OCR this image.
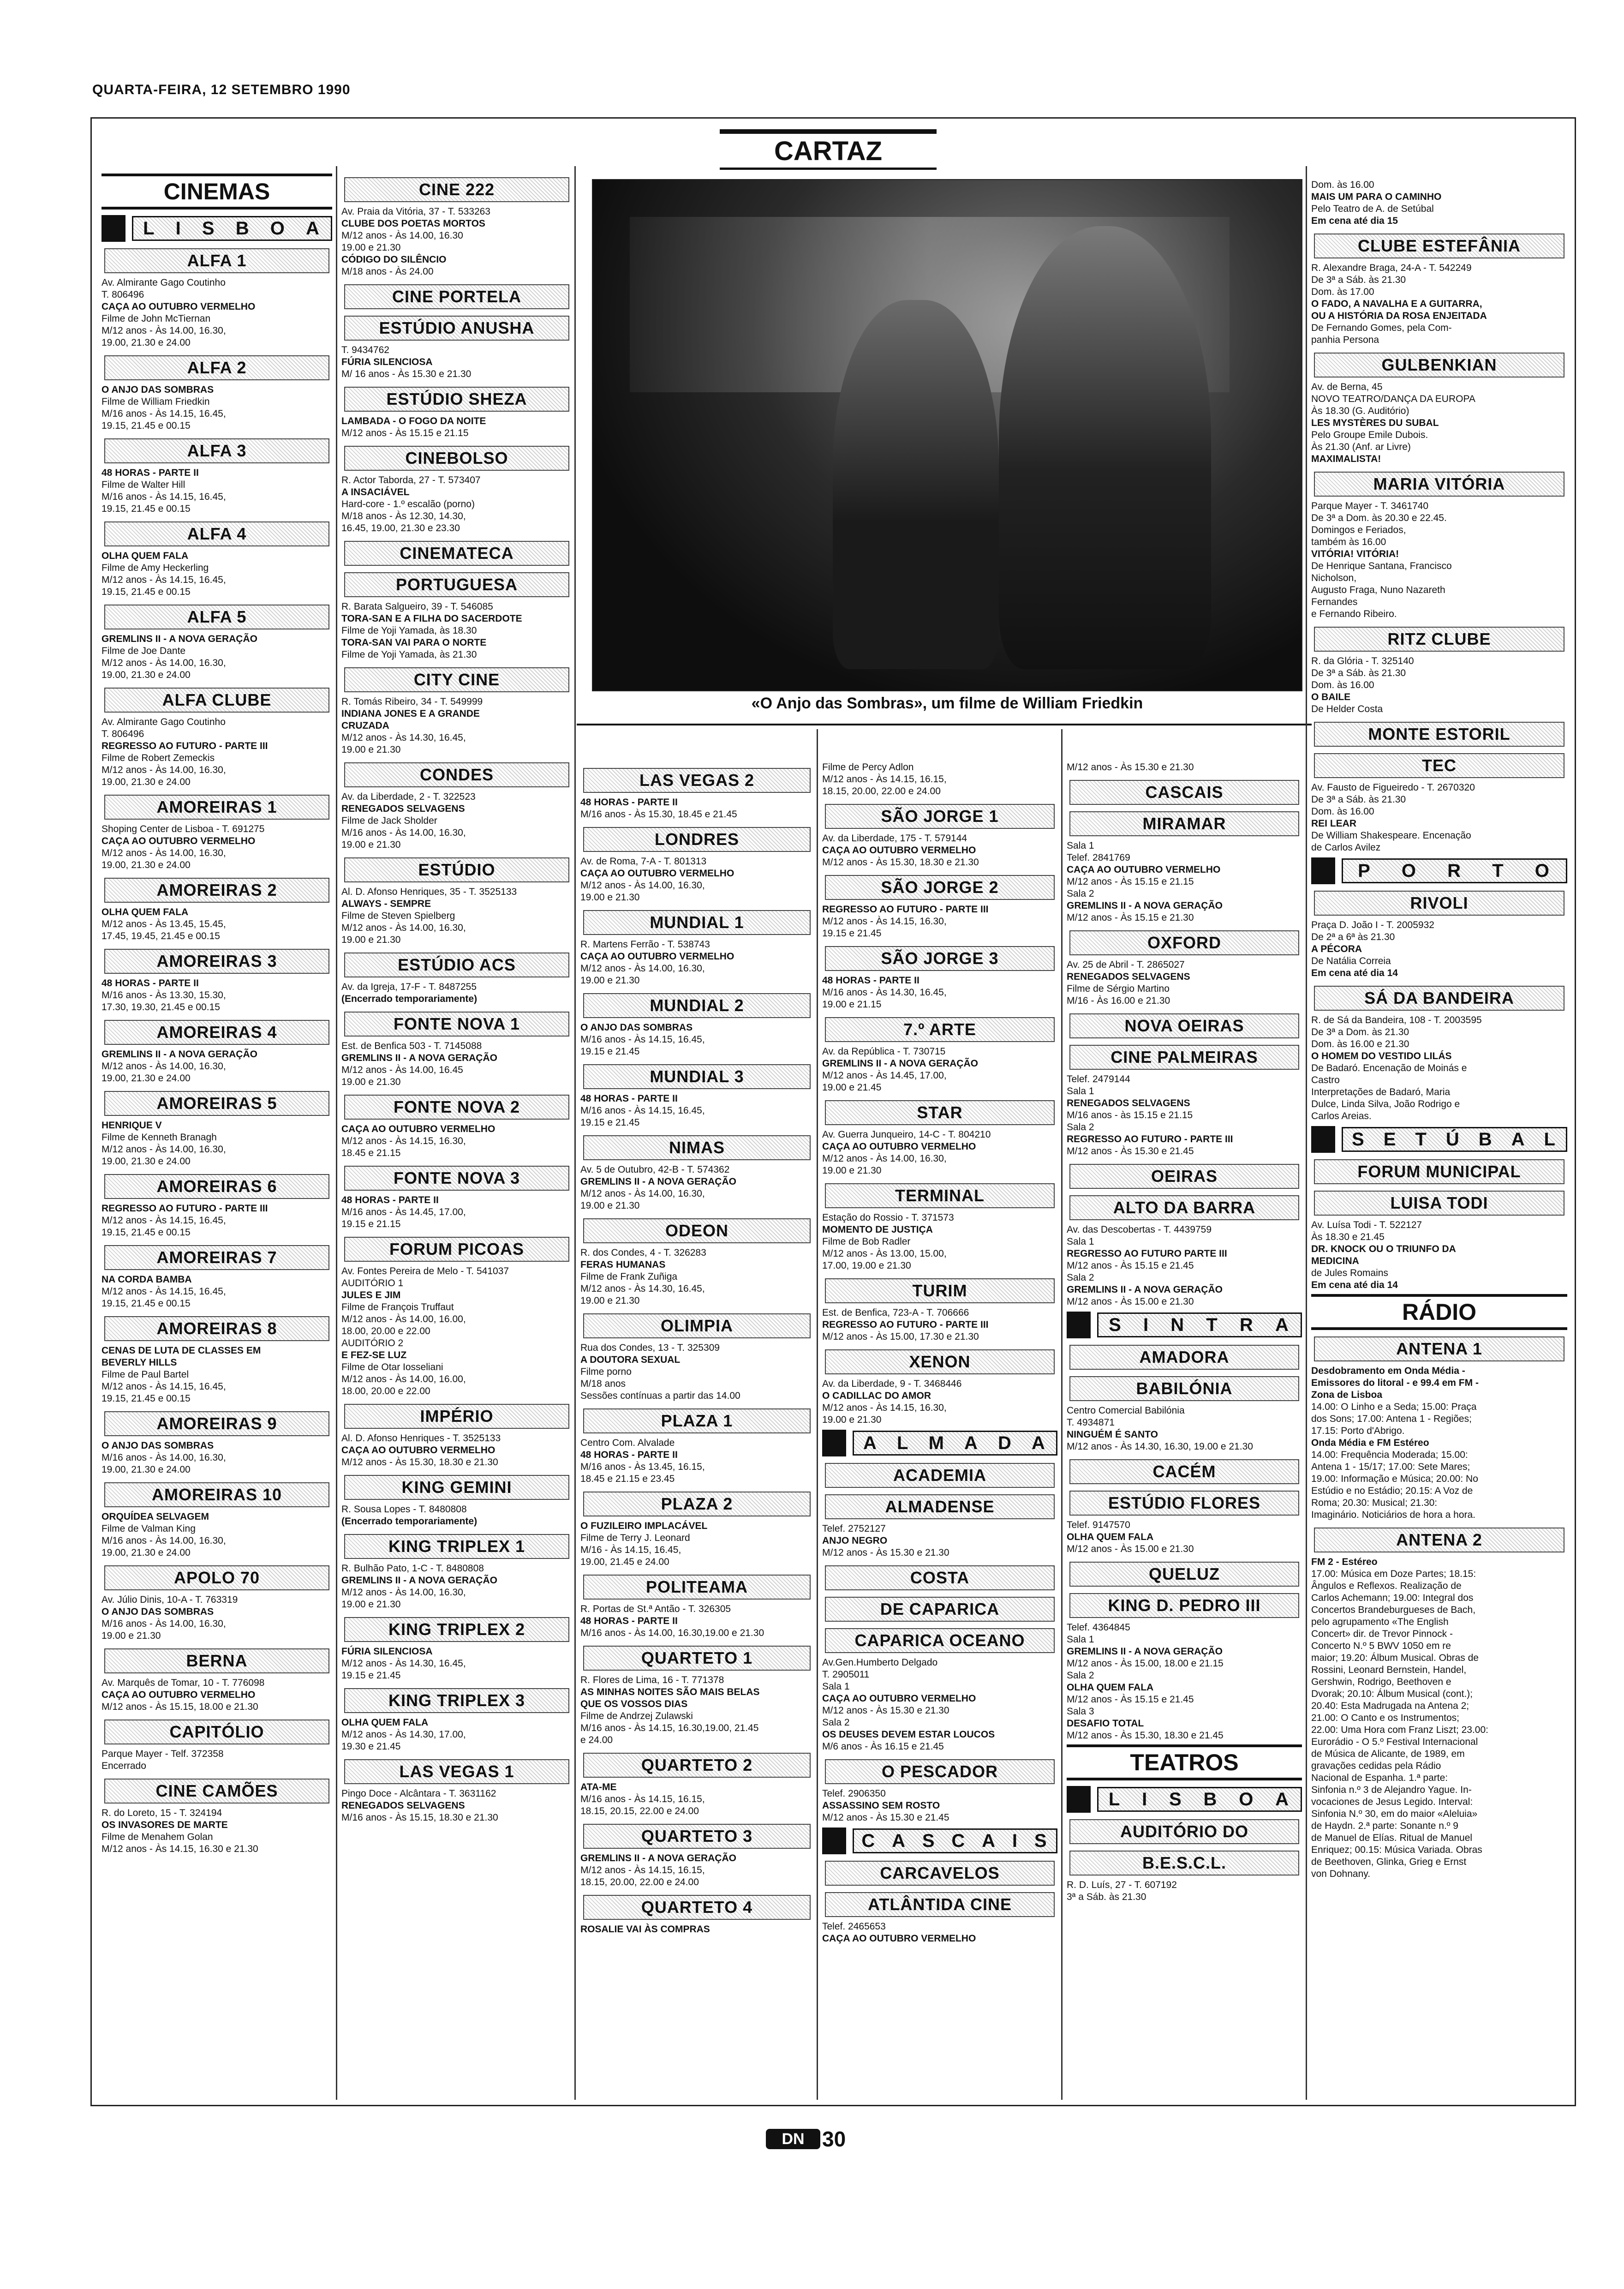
QUARTA-FEIRA, 12 SETEMBRO 1990
CARTAZ
«O Anjo das Sombras», um filme de William Friedkin
CINEMAS
L I S B O A
ALFA 1
Av. Almirante Gago Coutinho
T. 806496
CAÇA AO OUTUBRO VERMELHO
Filme de John McTiernan
M/12 anos - Às 14.00, 16.30,
19.00, 21.30 e 24.00
ALFA 2
O ANJO DAS SOMBRAS
Filme de William Friedkin
M/16 anos - Às 14.15, 16.45,
19.15, 21.45 e 00.15
ALFA 3
48 HORAS - PARTE II
Filme de Walter Hill
M/16 anos - Às 14.15, 16.45,
19.15, 21.45 e 00.15
ALFA 4
OLHA QUEM FALA
Filme de Amy Heckerling
M/12 anos - Às 14.15, 16.45,
19.15, 21.45 e 00.15
ALFA 5
GREMLINS II - A NOVA GERAÇÃO
Filme de Joe Dante
M/12 anos - Às 14.00, 16.30,
19.00, 21.30 e 24.00
ALFA CLUBE
Av. Almirante Gago Coutinho
T. 806496
REGRESSO AO FUTURO - PARTE III
Filme de Robert Zemeckis
M/12 anos - Às 14.00, 16.30,
19.00, 21.30 e 24.00
AMOREIRAS 1
Shoping Center de Lisboa - T. 691275
CAÇA AO OUTUBRO VERMELHO
M/12 anos - Às 14.00, 16.30,
19.00, 21.30 e 24.00
AMOREIRAS 2
OLHA QUEM FALA
M/12 anos - Às 13.45, 15.45,
17.45, 19.45, 21.45 e 00.15
AMOREIRAS 3
48 HORAS - PARTE II
M/16 anos - Às 13.30, 15.30,
17.30, 19.30, 21.45 e 00.15
AMOREIRAS 4
GREMLINS II - A NOVA GERAÇÃO
M/12 anos - Às 14.00, 16.30,
19.00, 21.30 e 24.00
AMOREIRAS 5
HENRIQUE V
Filme de Kenneth Branagh
M/12 anos - Às 14.00, 16.30,
19.00, 21.30 e 24.00
AMOREIRAS 6
REGRESSO AO FUTURO - PARTE III
M/12 anos - Às 14.15, 16.45,
19.15, 21.45 e 00.15
AMOREIRAS 7
NA CORDA BAMBA
M/12 anos - Às 14.15, 16.45,
19.15, 21.45 e 00.15
AMOREIRAS 8
CENAS DE LUTA DE CLASSES EM
BEVERLY HILLS
Filme de Paul Bartel
M/12 anos - Às 14.15, 16.45,
19.15, 21.45 e 00.15
AMOREIRAS 9
O ANJO DAS SOMBRAS
M/16 anos - Às 14.00, 16.30,
19.00, 21.30 e 24.00
AMOREIRAS 10
ORQUÍDEA SELVAGEM
Filme de Valman King
M/16 anos - Às 14.00, 16.30,
19.00, 21.30 e 24.00
APOLO 70
Av. Júlio Dinis, 10-A - T. 763319
O ANJO DAS SOMBRAS
M/16 anos - Às 14.00, 16.30,
19.00 e 21.30
BERNA
Av. Marquês de Tomar, 10 - T. 776098
CAÇA AO OUTUBRO VERMELHO
M/12 anos - Às 15.15, 18.00 e 21.30
CAPITÓLIO
Parque Mayer - Telf. 372358
Encerrado
CINE CAMÕES
R. do Loreto, 15 - T. 324194
OS INVASORES DE MARTE
Filme de Menahem Golan
M/12 anos - Às 14.15, 16.30 e 21.30
CINE 222
Av. Praia da Vitória, 37 - T. 533263
CLUBE DOS POETAS MORTOS
M/12 anos - Às 14.00, 16.30
19.00 e 21.30
CÓDIGO DO SILÊNCIO
M/18 anos - Às 24.00
CINE PORTELA
ESTÚDIO ANUSHA
T. 9434762
FÚRIA SILENCIOSA
M/ 16 anos - Às 15.30 e 21.30
ESTÚDIO SHEZA
LAMBADA - O FOGO DA NOITE
M/12 anos - Às 15.15 e 21.15
CINEBOLSO
R. Actor Taborda, 27 - T. 573407
A INSACIÁVEL
Hard-core - 1.º escalão (porno)
M/18 anos - Às 12.30, 14.30,
16.45, 19.00, 21.30 e 23.30
CINEMATECA
PORTUGUESA
R. Barata Salgueiro, 39 - T. 546085
TORA-SAN E A FILHA DO SACERDOTE
Filme de Yoji Yamada, às 18.30
TORA-SAN VAI PARA O NORTE
Filme de Yoji Yamada, às 21.30
CITY CINE
R. Tomás Ribeiro, 34 - T. 549999
INDIANA JONES E A GRANDE
CRUZADA
M/12 anos - Às 14.30, 16.45,
19.00 e 21.30
CONDES
Av. da Liberdade, 2 - T. 322523
RENEGADOS SELVAGENS
Filme de Jack Sholder
M/16 anos - Às 14.00, 16.30,
19.00 e 21.30
ESTÚDIO
Al. D. Afonso Henriques, 35 - T. 3525133
ALWAYS - SEMPRE
Filme de Steven Spielberg
M/12 anos - Às 14.00, 16.30,
19.00 e 21.30
ESTÚDIO ACS
Av. da Igreja, 17-F - T. 8487255
(Encerrado temporariamente)
FONTE NOVA 1
Est. de Benfica 503 - T. 7145088
GREMLINS II - A NOVA GERAÇÃO
M/12 anos - Às 14.00, 16.45
19.00 e 21.30
FONTE NOVA 2
CAÇA AO OUTUBRO VERMELHO
M/12 anos - Às 14.15, 16.30,
18.45 e 21.15
FONTE NOVA 3
48 HORAS - PARTE II
M/16 anos - Às 14.45, 17.00,
19.15 e 21.15
FORUM PICOAS
Av. Fontes Pereira de Melo - T. 541037
AUDITÓRIO 1
JULES E JIM
Filme de François Truffaut
M/12 anos - Às 14.00, 16.00,
18.00, 20.00 e 22.00
AUDITÓRIO 2
E FEZ-SE LUZ
Filme de Otar Iosseliani
M/12 anos - Às 14.00, 16.00,
18.00, 20.00 e 22.00
IMPÉRIO
Al. D. Afonso Henriques - T. 3525133
CAÇA AO OUTUBRO VERMELHO
M/12 anos - Às 15.30, 18.30 e 21.30
KING GEMINI
R. Sousa Lopes - T. 8480808
(Encerrado temporariamente)
KING TRIPLEX 1
R. Bulhão Pato, 1-C - T. 8480808
GREMLINS II - A NOVA GERAÇÃO
M/12 anos - Às 14.00, 16.30,
19.00 e 21.30
KING TRIPLEX 2
FÚRIA SILENCIOSA
M/12 anos - Às 14.30, 16.45,
19.15 e 21.45
KING TRIPLEX 3
OLHA QUEM FALA
M/12 anos - Às 14.30, 17.00,
19.30 e 21.45
LAS VEGAS 1
Pingo Doce - Alcântara - T. 3631162
RENEGADOS SELVAGENS
M/16 anos - Às 15.15, 18.30 e 21.30
LAS VEGAS 2
48 HORAS - PARTE II
M/16 anos - Às 15.30, 18.45 e 21.45
LONDRES
Av. de Roma, 7-A - T. 801313
CAÇA AO OUTUBRO VERMELHO
M/12 anos - Às 14.00, 16.30,
19.00 e 21.30
MUNDIAL 1
R. Martens Ferrão - T. 538743
CAÇA AO OUTUBRO VERMELHO
M/12 anos - Às 14.00, 16.30,
19.00 e 21.30
MUNDIAL 2
O ANJO DAS SOMBRAS
M/16 anos - Às 14.15, 16.45,
19.15 e 21.45
MUNDIAL 3
48 HORAS - PARTE II
M/16 anos - Às 14.15, 16.45,
19.15 e 21.45
NIMAS
Av. 5 de Outubro, 42-B - T. 574362
GREMLINS II - A NOVA GERAÇÃO
M/12 anos - Às 14.00, 16.30,
19.00 e 21.30
ODEON
R. dos Condes, 4 - T. 326283
FERAS HUMANAS
Filme de Frank Zuñiga
M/12 anos - Às 14.30, 16.45,
19.00 e 21.30
OLIMPIA
Rua dos Condes, 13 - T. 325309
A DOUTORA SEXUAL
Filme porno
M/18 anos
Sessões contínuas a partir das 14.00
PLAZA 1
Centro Com. Alvalade
48 HORAS - PARTE II
M/16 anos - Às 13.45, 16.15,
18.45 e 21.15 e 23.45
PLAZA 2
O FUZILEIRO IMPLACÁVEL
Filme de Terry J. Leonard
M/16 - Às 14.15, 16.45,
19.00, 21.45 e 24.00
POLITEAMA
R. Portas de St.ª Antão - T. 326305
48 HORAS - PARTE II
M/16 anos - Às 14.00, 16.30,19.00 e 21.30
QUARTETO 1
R. Flores de Lima, 16 - T. 771378
AS MINHAS NOITES SÃO MAIS BELAS
QUE OS VOSSOS DIAS
Filme de Andrzej Zulawski
M/16 anos - Às 14.15, 16.30,19.00, 21.45
e 24.00
QUARTETO 2
ATA-ME
M/16 anos - Às 14.15, 16.15,
18.15, 20.15, 22.00 e 24.00
QUARTETO 3
GREMLINS II - A NOVA GERAÇÃO
M/12 anos - Às 14.15, 16.15,
18.15, 20.00, 22.00 e 24.00
QUARTETO 4
ROSALIE VAI ÀS COMPRAS
Filme de Percy Adlon
M/12 anos - Às 14.15, 16.15,
18.15, 20.00, 22.00 e 24.00
SÃO JORGE 1
Av. da Liberdade, 175 - T. 579144
CAÇA AO OUTUBRO VERMELHO
M/12 anos - Às 15.30, 18.30 e 21.30
SÃO JORGE 2
REGRESSO AO FUTURO - PARTE III
M/12 anos - Às 14.15, 16.30,
19.15 e 21.45
SÃO JORGE 3
48 HORAS - PARTE II
M/16 anos - Às 14.30, 16.45,
19.00 e 21.15
7.º ARTE
Av. da República - T. 730715
GREMLINS II - A NOVA GERAÇÃO
M/12 anos - Às 14.45, 17.00,
19.00 e 21.45
STAR
Av. Guerra Junqueiro, 14-C - T. 804210
CAÇA AO OUTUBRO VERMELHO
M/12 anos - Às 14.00, 16.30,
19.00 e 21.30
TERMINAL
Estação do Rossio - T. 371573
MOMENTO DE JUSTIÇA
Filme de Bob Radler
M/12 anos - Às 13.00, 15.00,
17.00, 19.00 e 21.30
TURIM
Est. de Benfica, 723-A - T. 706666
REGRESSO AO FUTURO - PARTE III
M/12 anos - Às 15.00, 17.30 e 21.30
XENON
Av. da Liberdade, 9 - T. 3468446
O CADILLAC DO AMOR
M/12 anos - Às 14.15, 16.30,
19.00 e 21.30
A L M A D A
ACADEMIA
ALMADENSE
Telef. 2752127
ANJO NEGRO
M/12 anos - Às 15.30 e 21.30
COSTA
DE CAPARICA
CAPARICA OCEANO
Av.Gen.Humberto Delgado
T. 2905011
Sala 1
CAÇA AO OUTUBRO VERMELHO
M/12 anos - Às 15.30 e 21.30
Sala 2
OS DEUSES DEVEM ESTAR LOUCOS
M/6 anos - Às 16.15 e 21.45
O PESCADOR
Telef. 2906350
ASSASSINO SEM ROSTO
M/12 anos - Às 15.30 e 21.45
C A S C A I S
CARCAVELOS
ATLÂNTIDA CINE
Telef. 2465653
CAÇA AO OUTUBRO VERMELHO
M/12 anos - Às 15.30 e 21.30
CASCAIS
MIRAMAR
Sala 1
Telef. 2841769
CAÇA AO OUTUBRO VERMELHO
M/12 anos - Às 15.15 e 21.15
Sala 2
GREMLINS II - A NOVA GERAÇÃO
M/12 anos - Às 15.15 e 21.30
OXFORD
Av. 25 de Abril - T. 2865027
RENEGADOS SELVAGENS
Filme de Sérgio Martino
M/16 - Às 16.00 e 21.30
NOVA OEIRAS
CINE PALMEIRAS
Telef. 2479144
Sala 1
RENEGADOS SELVAGENS
M/16 anos - às 15.15 e 21.15
Sala 2
REGRESSO AO FUTURO - PARTE III
M/12 anos - Às 15.30 e 21.45
OEIRAS
ALTO DA BARRA
Av. das Descobertas - T. 4439759
Sala 1
REGRESSO AO FUTURO PARTE III
M/12 anos - Às 15.15 e 21.45
Sala 2
GREMLINS II - A NOVA GERAÇÃO
M/12 anos - Às 15.00 e 21.30
S I N T R A
AMADORA
BABILÓNIA
Centro Comercial Babilónia
T. 4934871
NINGUÉM É SANTO
M/12 anos - Às 14.30, 16.30, 19.00 e 21.30
CACÉM
ESTÚDIO FLORES
Telef. 9147570
OLHA QUEM FALA
M/12 anos - Às 15.00 e 21.30
QUELUZ
KING D. PEDRO III
Telef. 4364845
Sala 1
GREMLINS II - A NOVA GERAÇÃO
M/12 anos - Às 15.00, 18.00 e 21.15
Sala 2
OLHA QUEM FALA
M/12 anos - Às 15.15 e 21.45
Sala 3
DESAFIO TOTAL
M/12 anos - Às 15.30, 18.30 e 21.45
TEATROS
L I S B O A
AUDITÓRIO DO
B.E.S.C.L.
R. D. Luís, 27 - T. 607192
3ª a Sáb. às 21.30
Dom. às 16.00
MAIS UM PARA O CAMINHO
Pelo Teatro de A. de Setúbal
Em cena até dia 15
CLUBE ESTEFÂNIA
R. Alexandre Braga, 24-A - T. 542249
De 3ª a Sáb. às 21.30
Dom. às 17.00
O FADO, A NAVALHA E A GUITARRA,
OU A HISTÓRIA DA ROSA ENJEITADA
De Fernando Gomes, pela Com-
panhia Persona
GULBENKIAN
Av. de Berna, 45
NOVO TEATRO/DANÇA DA EUROPA
Às 18.30 (G. Auditório)
LES MYSTÈRES DU SUBAL
Pelo Groupe Emile Dubois.
Às 21.30 (Anf. ar Livre)
MAXIMALISTA!
MARIA VITÓRIA
Parque Mayer - T. 3461740
De 3ª a Dom. às 20.30 e 22.45.
Domingos e Feriados,
também às 16.00
VITÓRIA! VITÓRIA!
De Henrique Santana, Francisco
Nicholson,
Augusto Fraga, Nuno Nazareth
Fernandes
e Fernando Ribeiro.
RITZ CLUBE
R. da Glória - T. 325140
De 3ª a Sáb. às 21.30
Dom. às 16.00
O BAILE
De Helder Costa
MONTE ESTORIL
TEC
Av. Fausto de Figueiredo - T. 2670320
De 3ª a Sáb. às 21.30
Dom. às 16.00
REI LEAR
De William Shakespeare. Encenação
de Carlos Avilez
P O R T O
RIVOLI
Praça D. João I - T. 2005932
De 2ª a 6ª às 21.30
A PÉCORA
De Natália Correia
Em cena até dia 14
SÁ DA BANDEIRA
R. de Sá da Bandeira, 108 - T. 2003595
De 3ª a Dom. às 21.30
Dom. às 16.00 e 21.30
O HOMEM DO VESTIDO LILÁS
De Badaró. Encenação de Moinás e
Castro
Interpretações de Badaró, Maria
Dulce, Linda Silva, João Rodrigo e
Carlos Areias.
S E T Ú B A L
FORUM MUNICIPAL
LUISA TODI
Av. Luísa Todi - T. 522127
Às 18.30 e 21.45
DR. KNOCK OU O TRIUNFO DA
MEDICINA
de Jules Romains
Em cena até dia 14
RÁDIO
ANTENA 1
Desdobramento em Onda Média -
Emissores do litoral - e 99.4 em FM -
Zona de Lisboa
14.00: O Linho e a Seda; 15.00: Praça
dos Sons; 17.00: Antena 1 - Regiões;
17.15: Porto d'Abrigo.
Onda Média e FM Estéreo
14.00: Frequência Moderada; 15.00:
Antena 1 - 15/17; 17.00: Sete Mares;
19.00: Informação e Música; 20.00: No
Estúdio e no Estádio; 20.15: A Voz de
Roma; 20.30: Musical; 21.30:
Imaginário. Noticiários de hora a hora.
ANTENA 2
FM 2 - Estéreo
17.00: Música em Doze Partes; 18.15:
Ângulos e Reflexos. Realização de
Carlos Achemann; 19.00: Integral dos
Concertos Brandeburgueses de Bach,
pelo agrupamento «The English
Concert» dir. de Trevor Pinnock -
Concerto N.º 5 BWV 1050 em re
maior; 19.20: Álbum Musical. Obras de
Rossini, Leonard Bernstein, Handel,
Gershwin, Rodrigo, Beethoven e
Dvorak; 20.10: Álbum Musical (cont.);
20.40: Esta Madrugada na Antena 2;
21.00: O Canto e os Instrumentos;
22.00: Uma Hora com Franz Liszt; 23.00:
Eurorádio - O 5.º Festival Internacional
de Música de Alicante, de 1989, em
gravações cedidas pela Rádio
Nacional de Espanha. 1.ª parte:
Sinfonia n.º 3 de Alejandro Yague. In-
vocaciones de Jesus Legido. Interval:
Sinfonia N.º 30, em do maior «Aleluia»
de Haydn. 2.ª parte: Sonante n.º 9
de Manuel de Elías. Ritual de Manuel
Enriquez; 00.15: Música Variada. Obras
de Beethoven, Glinka, Grieg e Ernst
von Dohnany.
DN 30
